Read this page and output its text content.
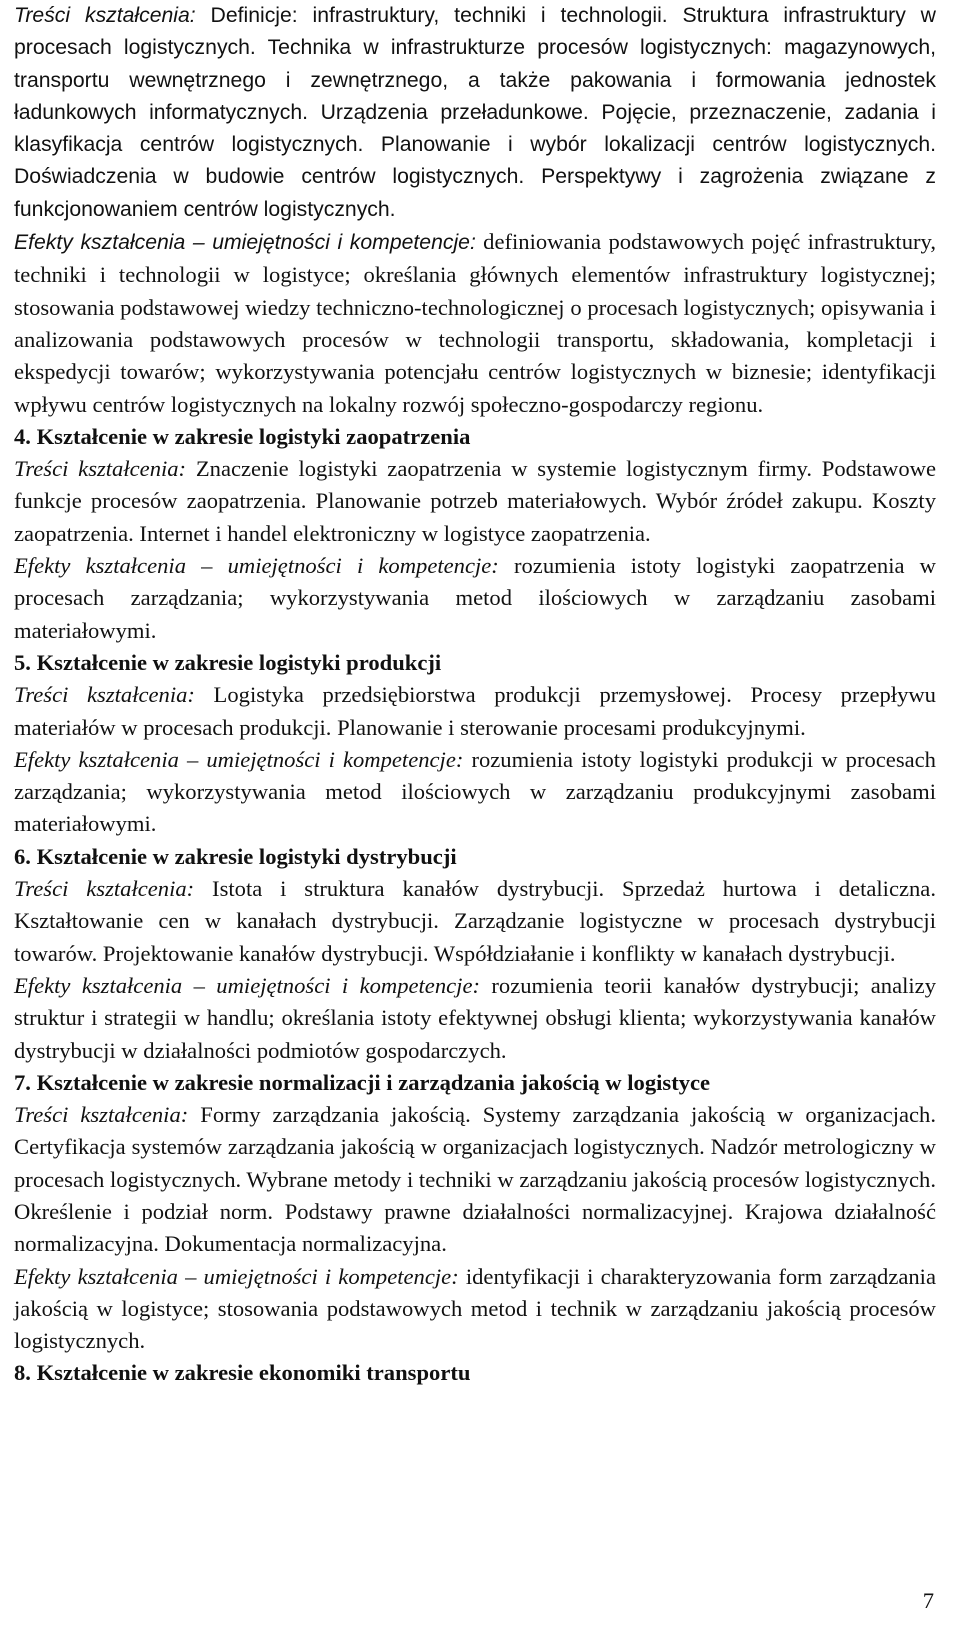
Treści kształcenia: Definicje: infrastruktury, techniki i technologii. Struktura infrastruktury w procesach logistycznych. Technika w infrastrukturze procesów logistycznych: magazynowych, transportu wewnętrznego i zewnętrznego, a także pakowania i formowania jednostek ładunkowych informatycznych. Urządzenia przeładunkowe. Pojęcie, przeznaczenie, zadania i klasyfikacja centrów logistycznych. Planowanie i wybór lokalizacji centrów logistycznych. Doświadczenia w budowie centrów logistycznych. Perspektywy i zagrożenia związane z funkcjonowaniem centrów logistycznych.

Efekty kształcenia – umiejętności i kompetencje: definiowania podstawowych pojęć infrastruktury, techniki i technologii w logistyce; określania głównych elementów infrastruktury logistycznej; stosowania podstawowej wiedzy techniczno-technologicznej o procesach logistycznych; opisywania i analizowania podstawowych procesów w technologii transportu, składowania, kompletacji i ekspedycji towarów; wykorzystywania potencjału centrów logistycznych w biznesie; identyfikacji wpływu centrów logistycznych na lokalny rozwój społeczno-gospodarczy regionu.

4. Kształcenie w zakresie logistyki zaopatrzenia

Treści kształcenia: Znaczenie logistyki zaopatrzenia w systemie logistycznym firmy. Podstawowe funkcje procesów zaopatrzenia. Planowanie potrzeb materiałowych. Wybór źródeł zakupu. Koszty zaopatrzenia. Internet i handel elektroniczny w logistyce zaopatrzenia.

Efekty kształcenia – umiejętności i kompetencje: rozumienia istoty logistyki zaopatrzenia w procesach zarządzania; wykorzystywania metod ilościowych w zarządzaniu zasobami materiałowymi.

5. Kształcenie w zakresie logistyki produkcji

Treści kształcenia: Logistyka przedsiębiorstwa produkcji przemysłowej. Procesy przepływu materiałów w procesach produkcji. Planowanie i sterowanie procesami produkcyjnymi.

Efekty kształcenia – umiejętności i kompetencje: rozumienia istoty logistyki produkcji w procesach zarządzania; wykorzystywania metod ilościowych w zarządzaniu produkcyjnymi zasobami materiałowymi.

6. Kształcenie w zakresie logistyki dystrybucji

Treści kształcenia: Istota i struktura kanałów dystrybucji. Sprzedaż hurtowa i detaliczna. Kształtowanie cen w kanałach dystrybucji. Zarządzanie logistyczne w procesach dystrybucji towarów. Projektowanie kanałów dystrybucji. Współdziałanie i konflikty w kanałach dystrybucji.

Efekty kształcenia – umiejętności i kompetencje: rozumienia teorii kanałów dystrybucji; analizy struktur i strategii w handlu; określania istoty efektywnej obsługi klienta; wykorzystywania kanałów dystrybucji w działalności podmiotów gospodarczych.

7. Kształcenie w zakresie normalizacji i zarządzania jakością w logistyce

Treści kształcenia: Formy zarządzania jakością. Systemy zarządzania jakością w organizacjach. Certyfikacja systemów zarządzania jakością w organizacjach logistycznych. Nadzór metrologiczny w procesach logistycznych. Wybrane metody i techniki w zarządzaniu jakością procesów logistycznych. Określenie i podział norm. Podstawy prawne działalności normalizacyjnej. Krajowa działalność normalizacyjna. Dokumentacja normalizacyjna.

Efekty kształcenia – umiejętności i kompetencje: identyfikacji i charakteryzowania form zarządzania jakością w logistyce; stosowania podstawowych metod i technik w zarządzaniu jakością procesów logistycznych.

8. Kształcenie w zakresie ekonomiki transportu

7
